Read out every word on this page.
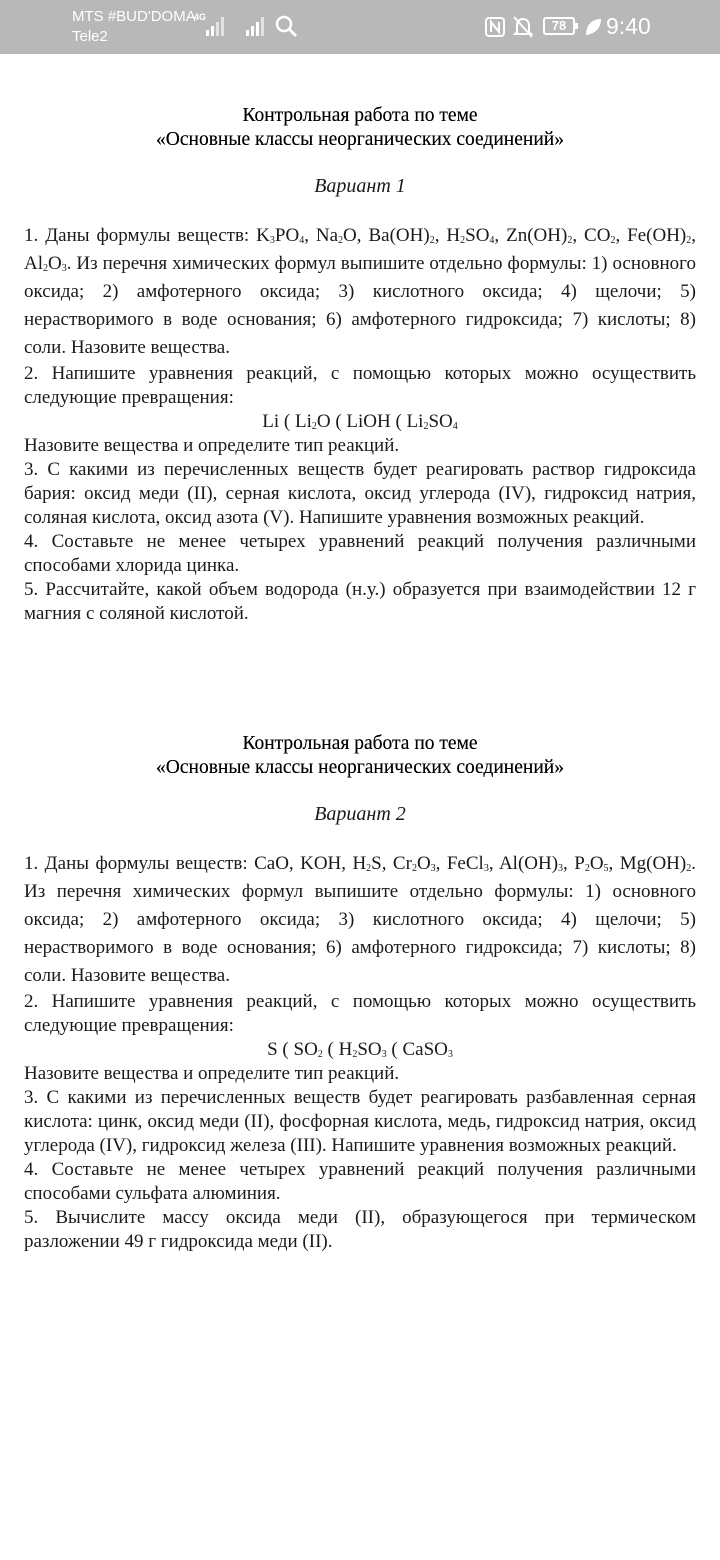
MTS #BUD'DOMA
Tele2
4G
78	9:40
Контрольная работа по теме
«Основные классы неорганических соединений»
Вариант 1

1. Даны формулы веществ: $K_3PO_4$, $Na_2O$, $Ba(OH)_2$, $H_2SO_4$, $Zn(OH)_2$, $CO_2$, $Fe(OH)_2$, $Al_2O_3$. Из перечня химических формул выпишите отдельно формулы: 1) основного оксида; 2) амфотерного оксида; 3) кислотного оксида; 4) щелочи; 5) нерастворимого в воде основания; 6) амфотерного гидроксида; 7) кислоты; 8) соли. Назовите вещества.

2. Напишите уравнения реакций, с помощью которых можно осуществить следующие превращения:

Li ( $Li_2O$ ( LiOH ( $Li_2SO_4$

Назовите вещества и определите тип реакций.

3. С какими из перечисленных веществ будет реагировать раствор гидроксида бария: оксид меди (II), серная кислота, оксид углерода (IV), гидроксид натрия, соляная кислота, оксид азота (V). Напишите уравнения возможных реакций.

4. Составьте не менее четырех уравнений реакций получения различными способами хлорида цинка.

5. Рассчитайте, какой объем водорода (н.у.) образуется при взаимодействии 12 г магния с соляной кислотой.

Контрольная работа по теме
«Основные классы неорганических соединений»
Вариант 2

1. Даны формулы веществ: CaO, KOH, $H_2S$, $Cr_2O_3$, FeCl$_3$, $Al(OH)_3$, $P_2O_5$, $Mg(OH)_2$. Из перечня химических формул выпишите отдельно формулы: 1) основного оксида; 2) амфотерного оксида; 3) кислотного оксида; 4) щелочи; 5) нерастворимого в воде основания; 6) амфотерного гидроксида; 7) кислоты; 8) соли. Назовите вещества.

2. Напишите уравнения реакций, с помощью которых можно осуществить следующие превращения:

S ( $SO_2$ ( $H_2SO_3$ ( CaSO$_3$

Назовите вещества и определите тип реакций.

3. С какими из перечисленных веществ будет реагировать разбавленная серная кислота: цинк, оксид меди (II), фосфорная кислота, медь, гидроксид натрия, оксид углерода (IV), гидроксид железа (III). Напишите уравнения возможных реакций.

4. Составьте не менее четырех уравнений реакций получения различными способами сульфата алюминия.

5. Вычислите массу оксида меди (II), образующегося при термическом разложении 49 г гидроксида меди (II).
